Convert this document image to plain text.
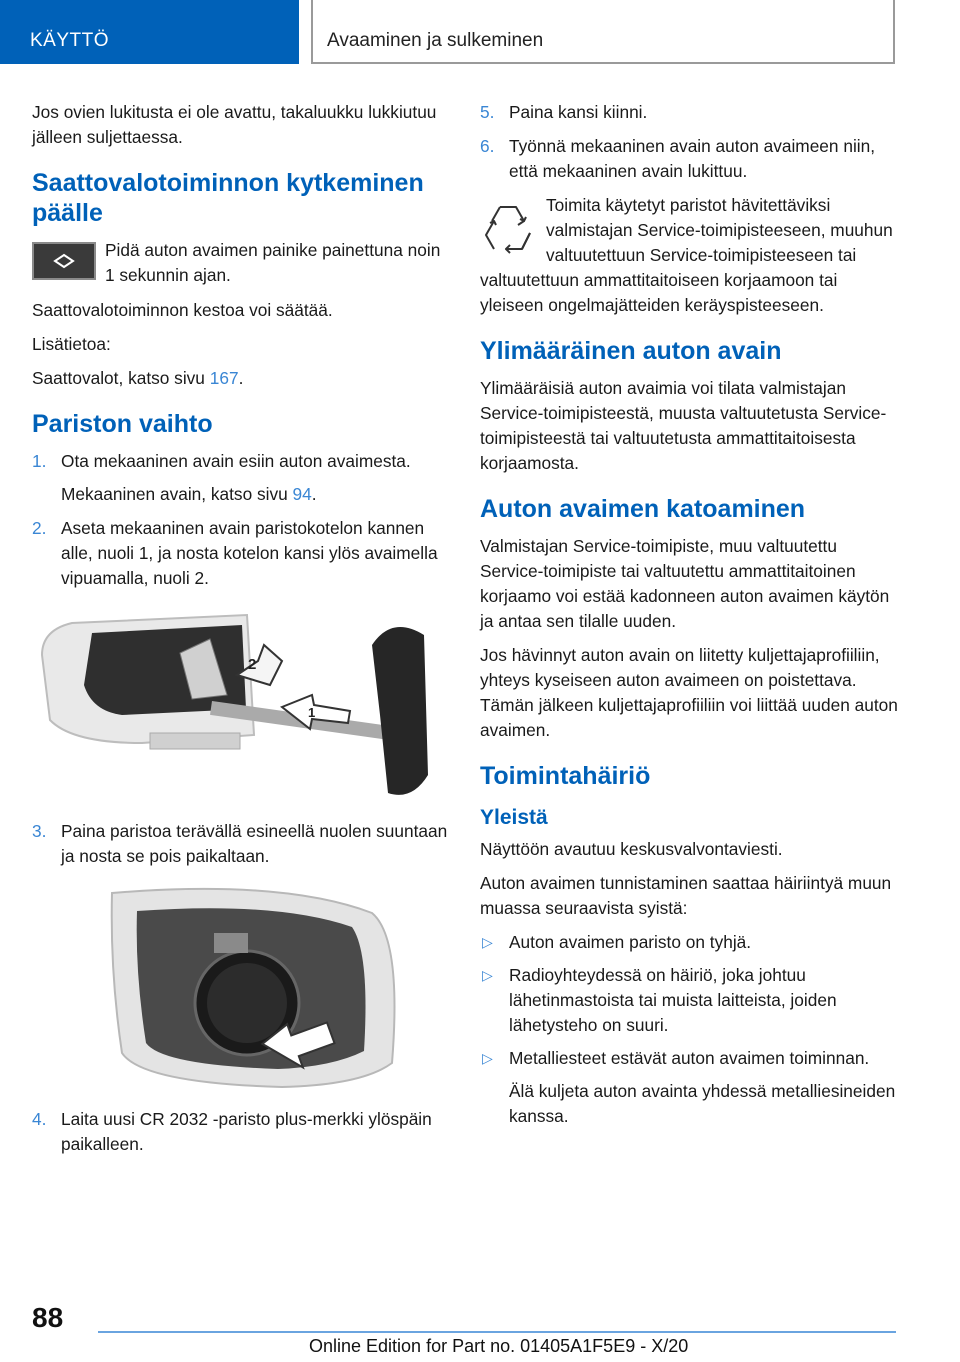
KÄYTTÖ	Avaaminen ja sulkeminen

Jos ovien lukitusta ei ole avattu, takaluukku lukkiutuu jälleen suljettaessa.

Saattovalotoiminnon kytkeminen päälle

Pidä auton avaimen painike painettuna noin 1 sekunnin ajan.

Saattovalotoiminnon kestoa voi säätää.

Lisätietoa:

Saattovalot, katso sivu 167.

Pariston vaihto
1. Ota mekaaninen avain esiin auton avaimesta.
Mekaaninen avain, katso sivu 94.
2. Aseta mekaaninen avain paristokotelon kannen alle, nuoli 1, ja nosta kotelon kansi ylös avaimella vipuamalla, nuoli 2.
2
1
3. Paina paristoa terävällä esineellä nuolen suuntaan ja nosta se pois paikaltaan.
4. Laita uusi CR 2032 -paristo plus-merkki ylöspäin paikalleen.
5. Paina kansi kiinni.
6. Työnnä mekaaninen avain auton avaimeen niin, että mekaaninen avain lukittuu.
Toimita käytetyt paristot hävitettäviksi valmistajan Service-toimipisteeseen, muuhun valtuutettuun Service-toimipisteeseen tai valtuutettuun ammattitaitoiseen korjaamoon tai yleiseen ongelmajätteiden keräyspisteeseen.
Ylimääräinen auton avain

Ylimääräisiä auton avaimia voi tilata valmistajan Service-toimipisteestä, muusta valtuutetusta Service-toimipisteestä tai valtuutetusta ammattitaitoisesta korjaamosta.

Auton avaimen katoaminen

Valmistajan Service-toimipiste, muu valtuutettu Service-toimipiste tai valtuutettu ammattitaitoinen korjaamo voi estää kadonneen auton avaimen käytön ja antaa sen tilalle uuden.

Jos hävinnyt auton avain on liitetty kuljettajaprofiiliin, yhteys kyseiseen auton avaimeen on poistettava. Tämän jälkeen kuljettajaprofiiliin voi liittää uuden auton avaimen.

Toimintahäiriö
Yleistä

Näyttöön avautuu keskusvalvontaviesti.

Auton avaimen tunnistaminen saattaa häiriintyä muun muassa seuraavista syistä:

▷ Auton avaimen paristo on tyhjä.
▷ Radioyhteydessä on häiriö, joka johtuu lähetinmastoista tai muista laitteista, joiden lähetysteho on suuri.
▷ Metalliesteet estävät auton avaimen toiminnan.
Älä kuljeta auton avainta yhdessä metalliesineiden kanssa.
88
Online Edition for Part no. 01405A1F5E9 - X/20
